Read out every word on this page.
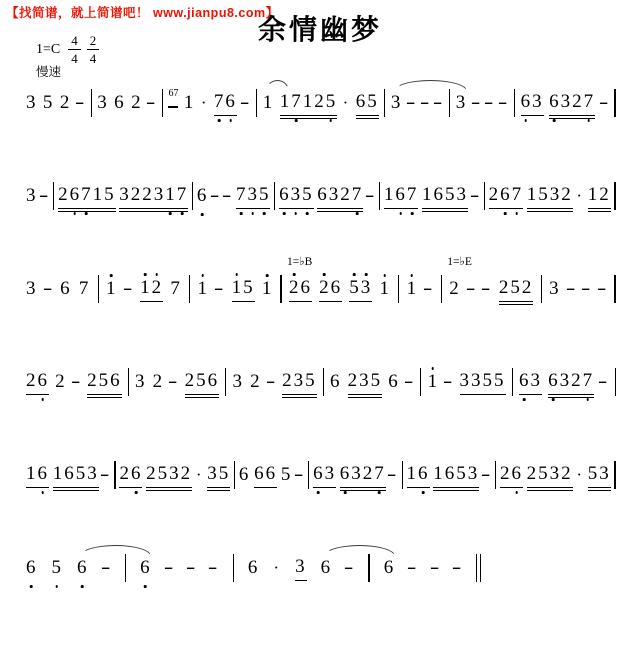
【找简谱，就上简谱吧！ www.jianpu8.com】
余情幽梦
$1=C \frac{4}{4} \frac{2}{4}$
慢速
3 5 2 - 3 6 2 - 67 1 · 76 - 1 17125 · 65 3 - - - 3 - - - 63 6327 -
3 - 26715 322317 6 - - 735 635 6327 - 167 1653 - 267 1532 · 12
3 - 6 7 1 - 12 7 1 - 15 1 26
1=♭B
26 53 1 1 - 2
1=♭E
- - 252 3 - - -
26 2 - 256 3 2 - 256 3 2 - 235 6 235 6 - 1 - 3355 63 6327 -
16 1653 - 26 2532 · 35 6 66 5 - 63 6327 - 16 1653 - 26 2532 · 53
6 5 6 - 6 - - - 6 · 3 6 - 6 - - -
